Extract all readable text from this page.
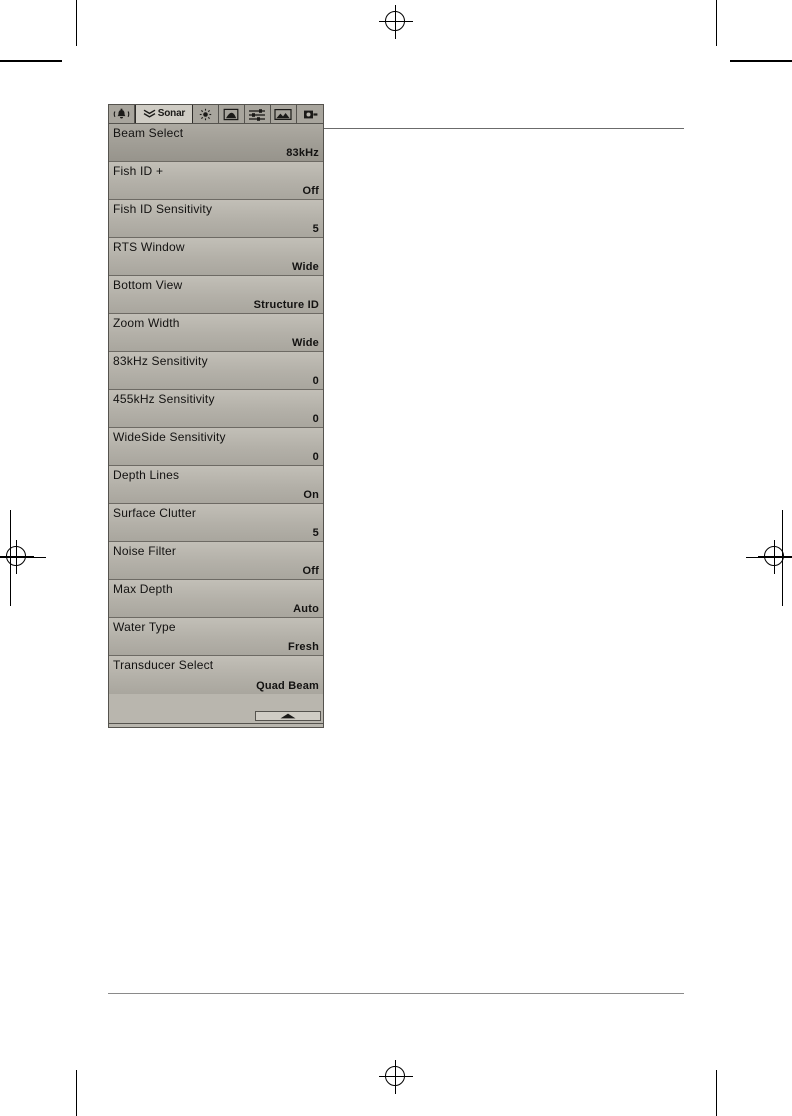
Sonar
Beam Select
83kHz
Fish ID +
Off
Fish ID Sensitivity
5
RTS Window
Wide
Bottom View
Structure ID
Zoom Width
Wide
83kHz Sensitivity
0
455kHz Sensitivity
0
WideSide Sensitivity
0
Depth Lines
On
Surface Clutter
5
Noise Filter
Off
Max Depth
Auto
Water Type
Fresh
Transducer Select
Quad Beam
